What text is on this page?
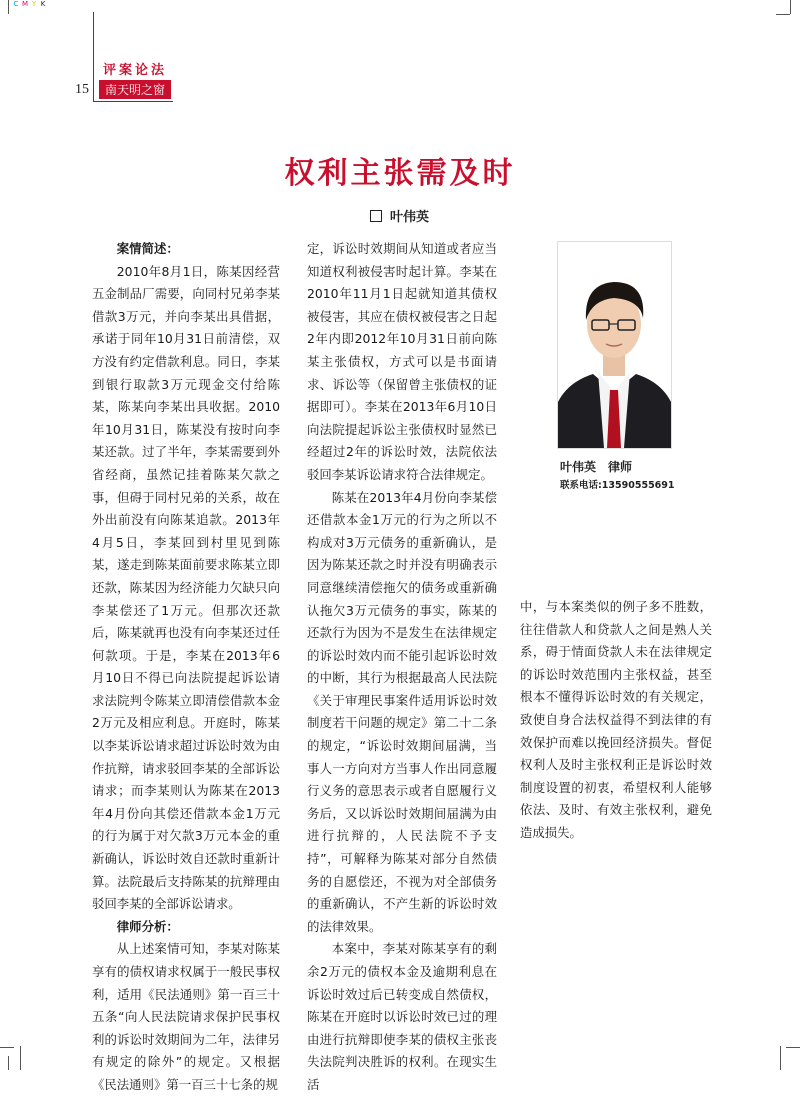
C M Y K
评案论法
15	南天明之窗
权利主张需及时
叶伟英
案情简述：

2010年8月1日，陈某因经营五金制品厂需要，向同村兄弟李某借款3万元，并向李某出具借据，承诺于同年10月31日前清偿，双方没有约定借款利息。同日，李某到银行取款3万元现金交付给陈某，陈某向李某出具收据。2010年10月31日，陈某没有按时向李某还款。过了半年，李某需要到外省经商，虽然记挂着陈某欠款之事，但碍于同村兄弟的关系，故在外出前没有向陈某追款。2013年4月5日，李某回到村里见到陈某，遂走到陈某面前要求陈某立即还款，陈某因为经济能力欠缺只向李某偿还了1万元。但那次还款后，陈某就再也没有向李某还过任何款项。于是，李某在2013年6月10日不得已向法院提起诉讼请求法院判令陈某立即清偿借款本金2万元及相应利息。开庭时，陈某以李某诉讼请求超过诉讼时效为由作抗辩，请求驳回李某的全部诉讼请求；而李某则认为陈某在2013年4月份向其偿还借款本金1万元的行为属于对欠款3万元本金的重新确认，诉讼时效自还款时重新计算。法院最后支持陈某的抗辩理由驳回李某的全部诉讼请求。

律师分析：

从上述案情可知，李某对陈某享有的债权请求权属于一般民事权利，适用《民法通则》第一百三十五条“向人民法院请求保护民事权利的诉讼时效期间为二年，法律另有规定的除外”的规定。又根据《民法通则》第一百三十七条的规

定，诉讼时效期间从知道或者应当知道权利被侵害时起计算。李某在2010年11月1日起就知道其债权被侵害，其应在债权被侵害之日起2年内即2012年10月31日前向陈某主张债权，方式可以是书面请求、诉讼等（保留曾主张债权的证据即可）。李某在2013年6月10日向法院提起诉讼主张债权时显然已经超过2年的诉讼时效，法院依法驳回李某诉讼请求符合法律规定。

陈某在2013年4月份向李某偿还借款本金1万元的行为之所以不构成对3万元债务的重新确认，是因为陈某还款之时并没有明确表示同意继续清偿拖欠的债务或重新确认拖欠3万元债务的事实，陈某的还款行为因为不是发生在法律规定的诉讼时效内而不能引起诉讼时效的中断，其行为根据最高人民法院《关于审理民事案件适用诉讼时效制度若干问题的规定》第二十二条的规定，“诉讼时效期间届满，当事人一方向对方当事人作出同意履行义务的意思表示或者自愿履行义务后，又以诉讼时效期间届满为由进行抗辩的，人民法院不予支持”，可解释为陈某对部分自然债务的自愿偿还，不视为对全部债务的重新确认，不产生新的诉讼时效的法律效果。

本案中，李某对陈某享有的剩余2万元的债权本金及逾期利息在诉讼时效过后已转变成自然债权，陈某在开庭时以诉讼时效已过的理由进行抗辩即使李某的债权主张丧失法院判决胜诉的权利。在现实生活

叶伟英　律师
联系电话:13590555691

中，与本案类似的例子多不胜数，往往借款人和贷款人之间是熟人关系，碍于情面贷款人未在法律规定的诉讼时效范围内主张权益，甚至根本不懂得诉讼时效的有关规定，致使自身合法权益得不到法律的有效保护而难以挽回经济损失。督促权利人及时主张权利正是诉讼时效制度设置的初衷，希望权利人能够依法、及时、有效主张权利，避免造成损失。
